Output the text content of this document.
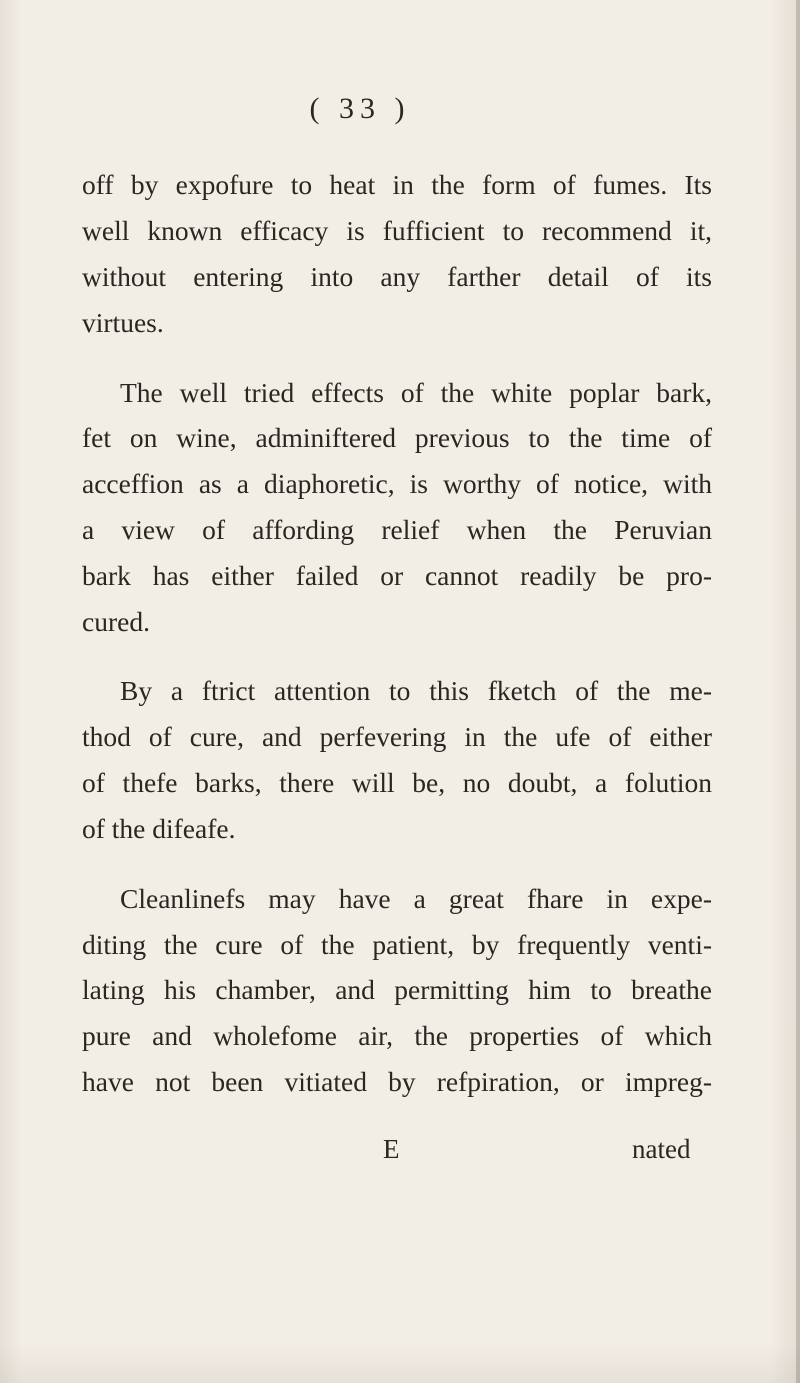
( 33 )
off by expofure to heat in the form of fumes. Its
well known efficacy is fufficient to recommend it,
without entering into any farther detail of its
virtues.
The well tried effects of the white poplar bark,
fet on wine, adminiftered previous to the time of
acceffion as a diaphoretic, is worthy of notice, with
a view of affording relief when the Peruvian
bark has either failed or cannot readily be pro-
cured.
By a ftrict attention to this fketch of the me-
thod of cure, and perfevering in the ufe of either
of thefe barks, there will be, no doubt, a folution
of the difeafe.
Cleanlinefs may have a great fhare in expe-
diting the cure of the patient, by frequently venti-
lating his chamber, and permitting him to breathe
pure and wholefome air, the properties of which
have not been vitiated by refpiration, or impreg-
E	nated
